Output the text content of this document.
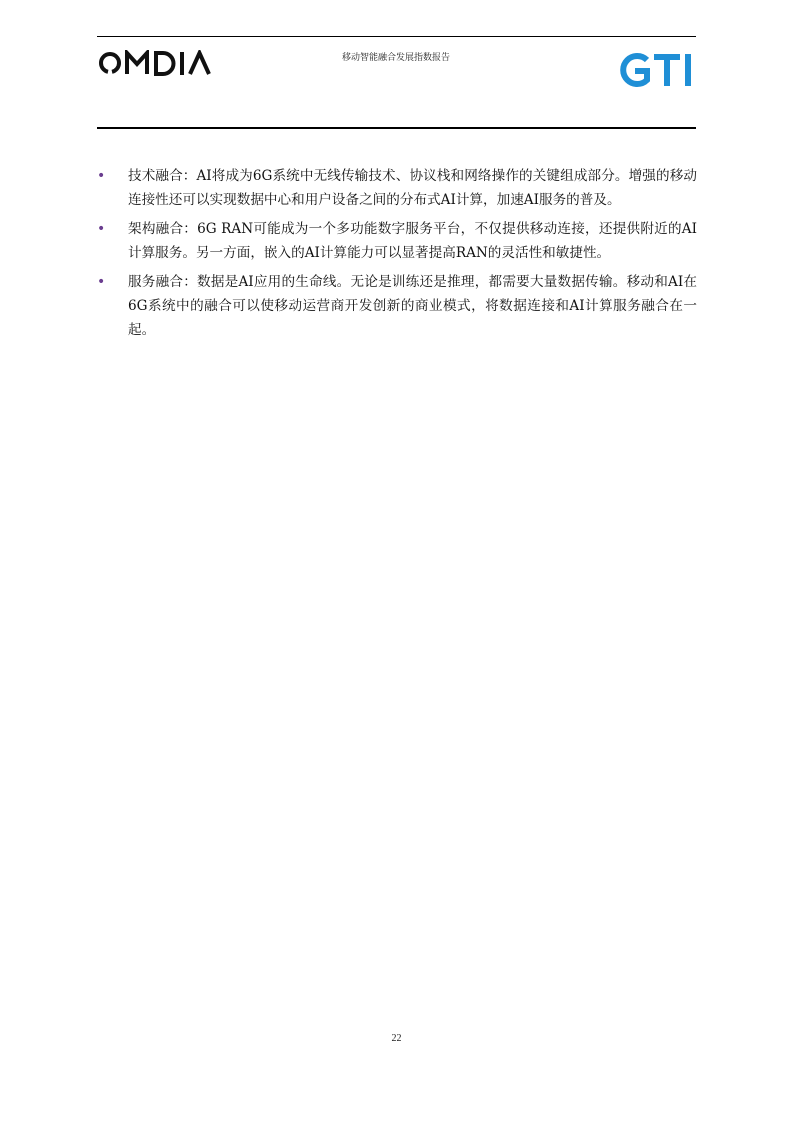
移动智能融合发展指数报告
• 技术融合：AI将成为6G系统中无线传输技术、协议栈和网络操作的关键组成部分。增强的移动连接性还可以实现数据中心和用户设备之间的分布式AI计算，加速AI服务的普及。
• 架构融合：6G RAN可能成为一个多功能数字服务平台，不仅提供移动连接，还提供附近的AI计算服务。另一方面，嵌入的AI计算能力可以显著提高RAN的灵活性和敏捷性。
• 服务融合：数据是AI应用的生命线。无论是训练还是推理，都需要大量数据传输。移动和AI在6G系统中的融合可以使移动运营商开发创新的商业模式，将数据连接和AI计算服务融合在一起。
22
